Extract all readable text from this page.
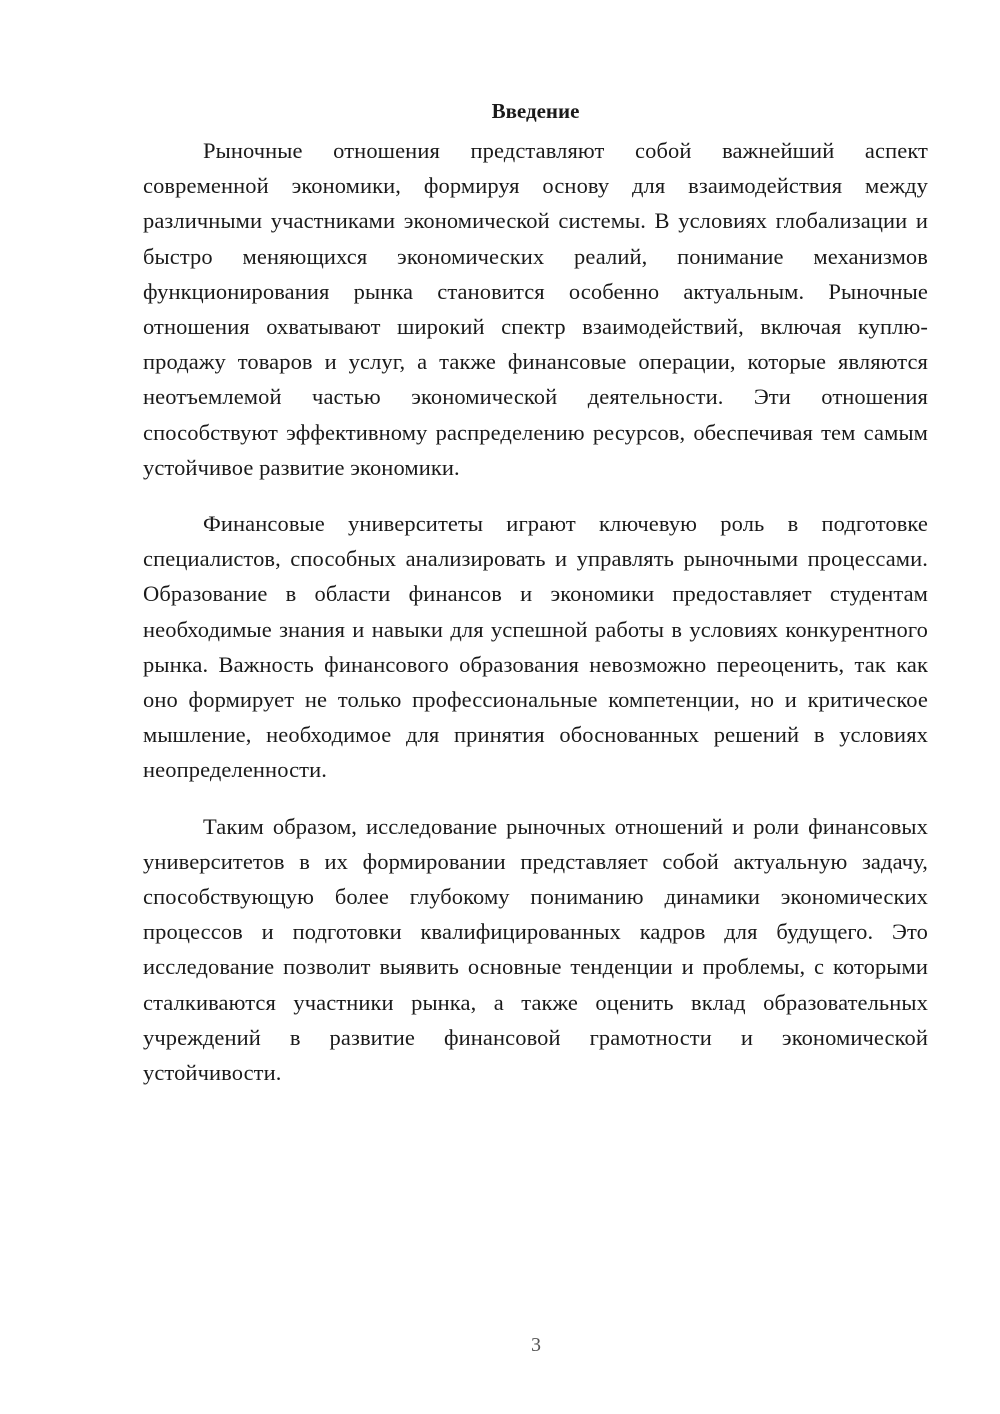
Введение

Рыночные отношения представляют собой важнейший аспект современной экономики, формируя основу для взаимодействия между различными участниками экономической системы. В условиях глобализации и быстро меняющихся экономических реалий, понимание механизмов функционирования рынка становится особенно актуальным. Рыночные отношения охватывают широкий спектр взаимодействий, включая куплю-продажу товаров и услуг, а также финансовые операции, которые являются неотъемлемой частью экономической деятельности. Эти отношения способствуют эффективному распределению ресурсов, обеспечивая тем самым устойчивое развитие экономики.

Финансовые университеты играют ключевую роль в подготовке специалистов, способных анализировать и управлять рыночными процессами. Образование в области финансов и экономики предоставляет студентам необходимые знания и навыки для успешной работы в условиях конкурентного рынка. Важность финансового образования невозможно переоценить, так как оно формирует не только профессиональные компетенции, но и критическое мышление, необходимое для принятия обоснованных решений в условиях неопределенности.

Таким образом, исследование рыночных отношений и роли финансовых университетов в их формировании представляет собой актуальную задачу, способствующую более глубокому пониманию динамики экономических процессов и подготовки квалифицированных кадров для будущего. Это исследование позволит выявить основные тенденции и проблемы, с которыми сталкиваются участники рынка, а также оценить вклад образовательных учреждений в развитие финансовой грамотности и экономической устойчивости.

3
